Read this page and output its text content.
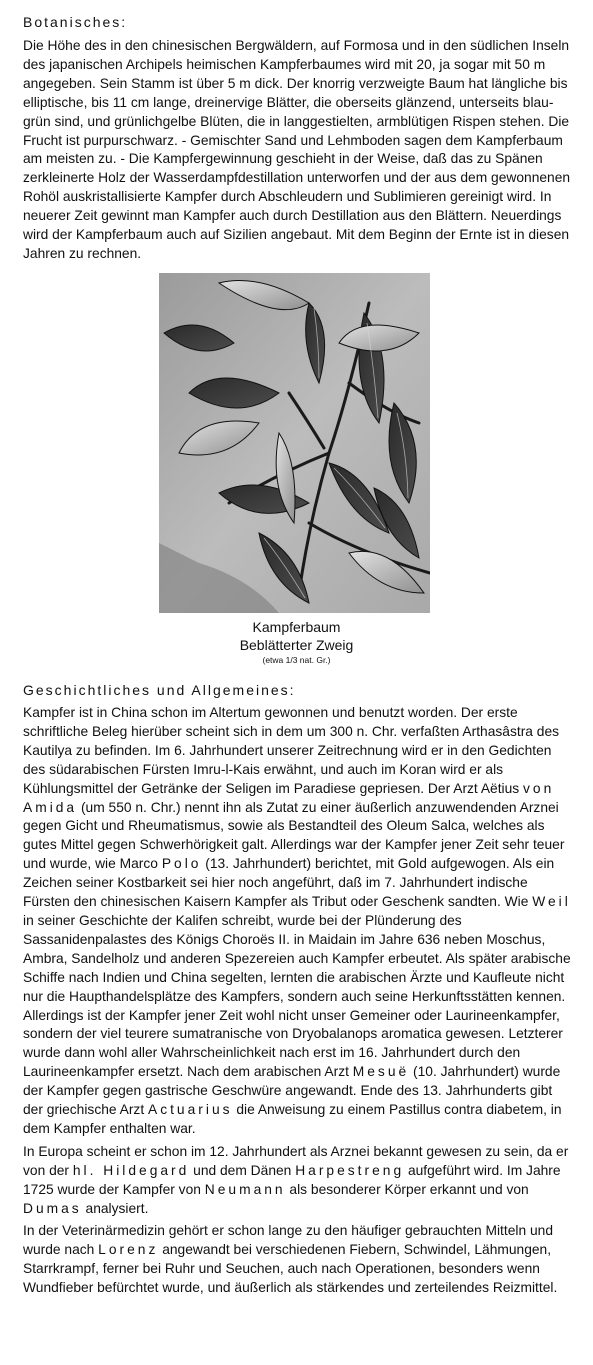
Botanisches:

Die Höhe des in den chinesischen Bergwäldern, auf Formosa und in den südlichen Inseln des japanischen Archipels heimischen Kampferbaumes wird mit 20, ja sogar mit 50 m angegeben. Sein Stamm ist über 5 m dick. Der knorrig verzweigte Baum hat längliche bis elliptische, bis 11 cm lange, dreinervige Blätter, die oberseits glänzend, unterseits blau-grün sind, und grünlichgelbe Blüten, die in langgestielten, armblütigen Rispen stehen. Die Frucht ist purpurschwarz. - Gemischter Sand und Lehmboden sagen dem Kampferbaum am meisten zu. - Die Kampfergewinnung geschieht in der Weise, daß das zu Spänen zerkleinerte Holz der Wasserdampfdestillation unterworfen und der aus dem gewonnenen Rohöl auskristallisierte Kampfer durch Abschleudern und Sublimieren gereinigt wird. In neuerer Zeit gewinnt man Kampfer auch durch Destillation aus den Blättern. Neuerdings wird der Kampferbaum auch auf Sizilien angebaut. Mit dem Beginn der Ernte ist in diesen Jahren zu rechnen.

Kampferbaum

Beblätterter Zweig

(etwa 1/3 nat. Gr.)

Geschichtliches und Allgemeines:

Kampfer ist in China schon im Altertum gewonnen und benutzt worden. Der erste schriftliche Beleg hierüber scheint sich in dem um 300 n. Chr. verfaßten Arthasâstra des Kautilya zu befinden. Im 6. Jahrhundert unserer Zeitrechnung wird er in den Gedichten des südarabischen Fürsten Imru-l-Kais erwähnt, und auch im Koran wird er als Kühlungsmittel der Getränke der Seligen im Paradiese gepriesen. Der Arzt Aëtius von Amida (um 550 n. Chr.) nennt ihn als Zutat zu einer äußerlich anzuwendenden Arznei gegen Gicht und Rheumatismus, sowie als Bestandteil des Oleum Salca, welches als gutes Mittel gegen Schwerhörigkeit galt. Allerdings war der Kampfer jener Zeit sehr teuer und wurde, wie Marco Polo (13. Jahrhundert) berichtet, mit Gold aufgewogen. Als ein Zeichen seiner Kostbarkeit sei hier noch angeführt, daß im 7. Jahrhundert indische Fürsten den chinesischen Kaisern Kampfer als Tribut oder Geschenk sandten. Wie Weil in seiner Geschichte der Kalifen schreibt, wurde bei der Plünderung des Sassanidenpalastes des Königs Choroës II. in Maidain im Jahre 636 neben Moschus, Ambra, Sandelholz und anderen Spezereien auch Kampfer erbeutet. Als später arabische Schiffe nach Indien und China segelten, lernten die arabischen Ärzte und Kaufleute nicht nur die Haupthandelsplätze des Kampfers, sondern auch seine Herkunftsstätten kennen. Allerdings ist der Kampfer jener Zeit wohl nicht unser Gemeiner oder Laurineenkampfer, sondern der viel teurere sumatranische von Dryobalanops aromatica gewesen. Letzterer wurde dann wohl aller Wahrscheinlichkeit nach erst im 16. Jahrhundert durch den Laurineenkampfer ersetzt. Nach dem arabischen Arzt Mesuë (10. Jahrhundert) wurde der Kampfer gegen gastrische Geschwüre angewandt. Ende des 13. Jahrhunderts gibt der griechische Arzt Actuarius die Anweisung zu einem Pastillus contra diabetem, in dem Kampfer enthalten war.

In Europa scheint er schon im 12. Jahrhundert als Arznei bekannt gewesen zu sein, da er von der hl. Hildegard und dem Dänen Harpestreng aufgeführt wird. Im Jahre 1725 wurde der Kampfer von Neumann als besonderer Körper erkannt und von Dumas analysiert.

In der Veterinärmedizin gehört er schon lange zu den häufiger gebrauchten Mitteln und wurde nach Lorenz angewandt bei verschiedenen Fiebern, Schwindel, Lähmungen, Starrkrampf, ferner bei Ruhr und Seuchen, auch nach Operationen, besonders wenn Wundfieber befürchtet wurde, und äußerlich als stärkendes und zerteilendes Reizmittel.
